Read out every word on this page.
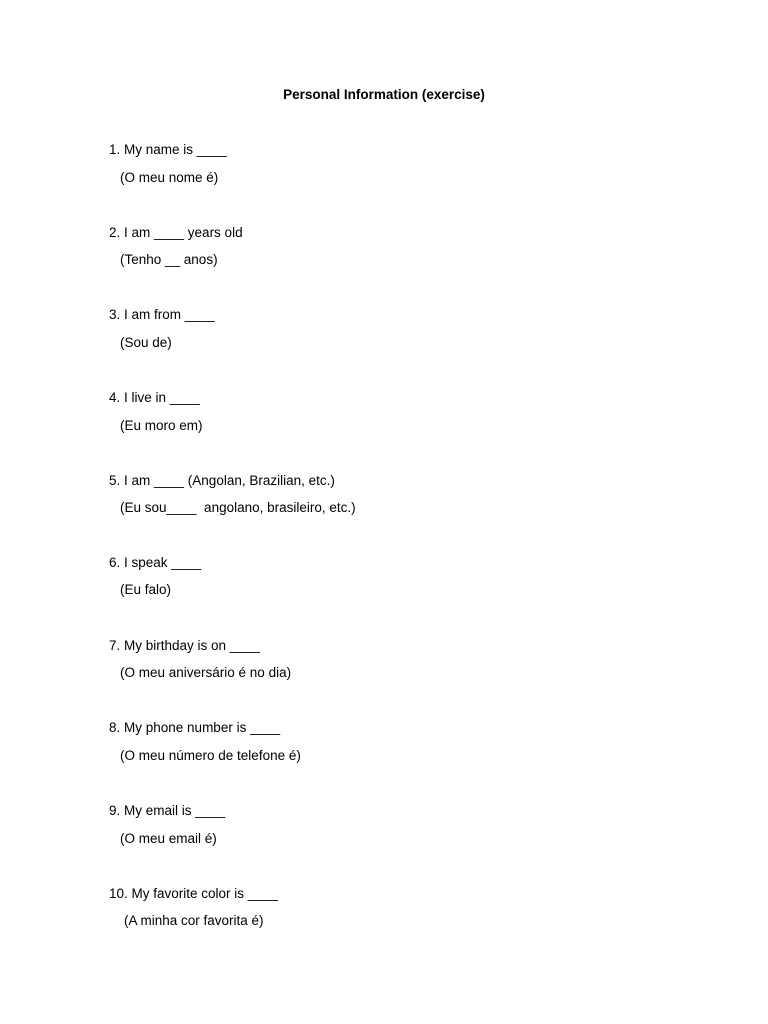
Personal Information (exercise)
1. My name is ____
(O meu nome é)
2. I am ____ years old
(Tenho __ anos)
3. I am from ____
(Sou de)
4. I live in ____
(Eu moro em)
5. I am ____ (Angolan, Brazilian, etc.)
(Eu sou____  angolano, brasileiro, etc.)
6. I speak ____
(Eu falo)
7. My birthday is on ____
(O meu aniversário é no dia)
8. My phone number is ____
(O meu número de telefone é)
9. My email is ____
(O meu email é)
10. My favorite color is ____
(A minha cor favorita é)
